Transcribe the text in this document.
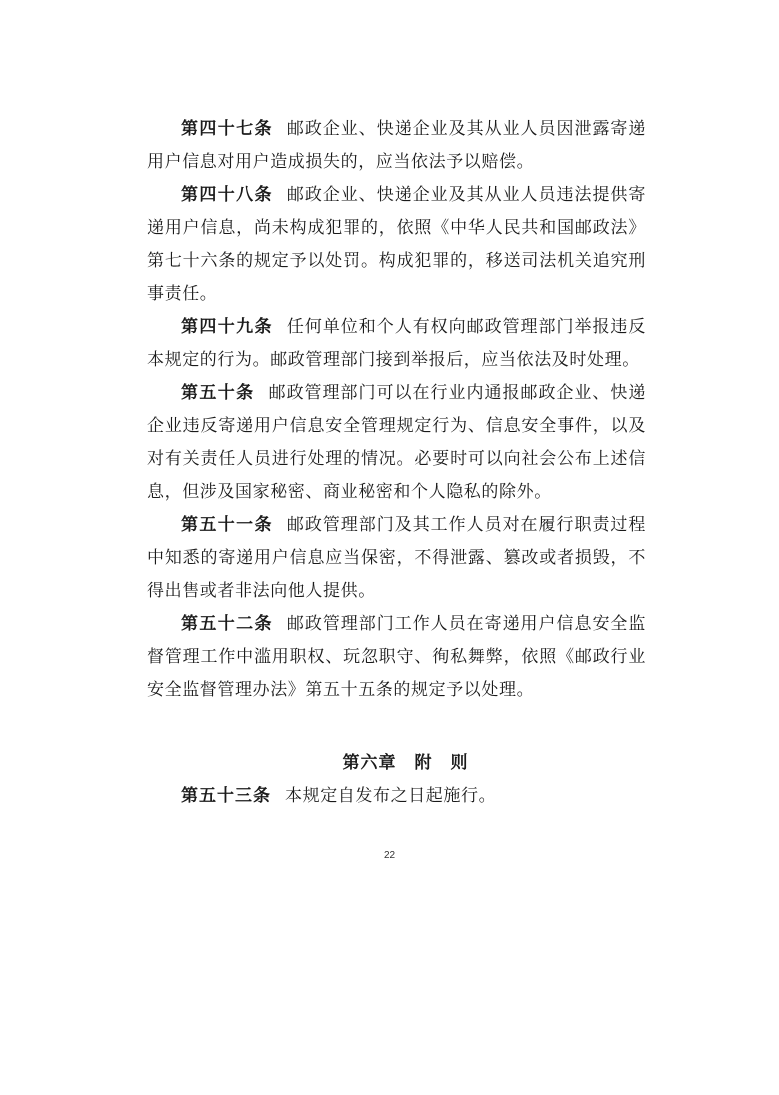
第四十七条 邮政企业、快递企业及其从业人员因泄露寄递用户信息对用户造成损失的，应当依法予以赔偿。

第四十八条 邮政企业、快递企业及其从业人员违法提供寄递用户信息，尚未构成犯罪的，依照《中华人民共和国邮政法》第七十六条的规定予以处罚。构成犯罪的，移送司法机关追究刑事责任。

第四十九条 任何单位和个人有权向邮政管理部门举报违反本规定的行为。邮政管理部门接到举报后，应当依法及时处理。

第五十条 邮政管理部门可以在行业内通报邮政企业、快递企业违反寄递用户信息安全管理规定行为、信息安全事件，以及对有关责任人员进行处理的情况。必要时可以向社会公布上述信息，但涉及国家秘密、商业秘密和个人隐私的除外。

第五十一条 邮政管理部门及其工作人员对在履行职责过程中知悉的寄递用户信息应当保密，不得泄露、篡改或者损毁，不得出售或者非法向他人提供。

第五十二条 邮政管理部门工作人员在寄递用户信息安全监督管理工作中滥用职权、玩忽职守、徇私舞弊，依照《邮政行业安全监督管理办法》第五十五条的规定予以处理。

第六章 附　则

第五十三条 本规定自发布之日起施行。

22
